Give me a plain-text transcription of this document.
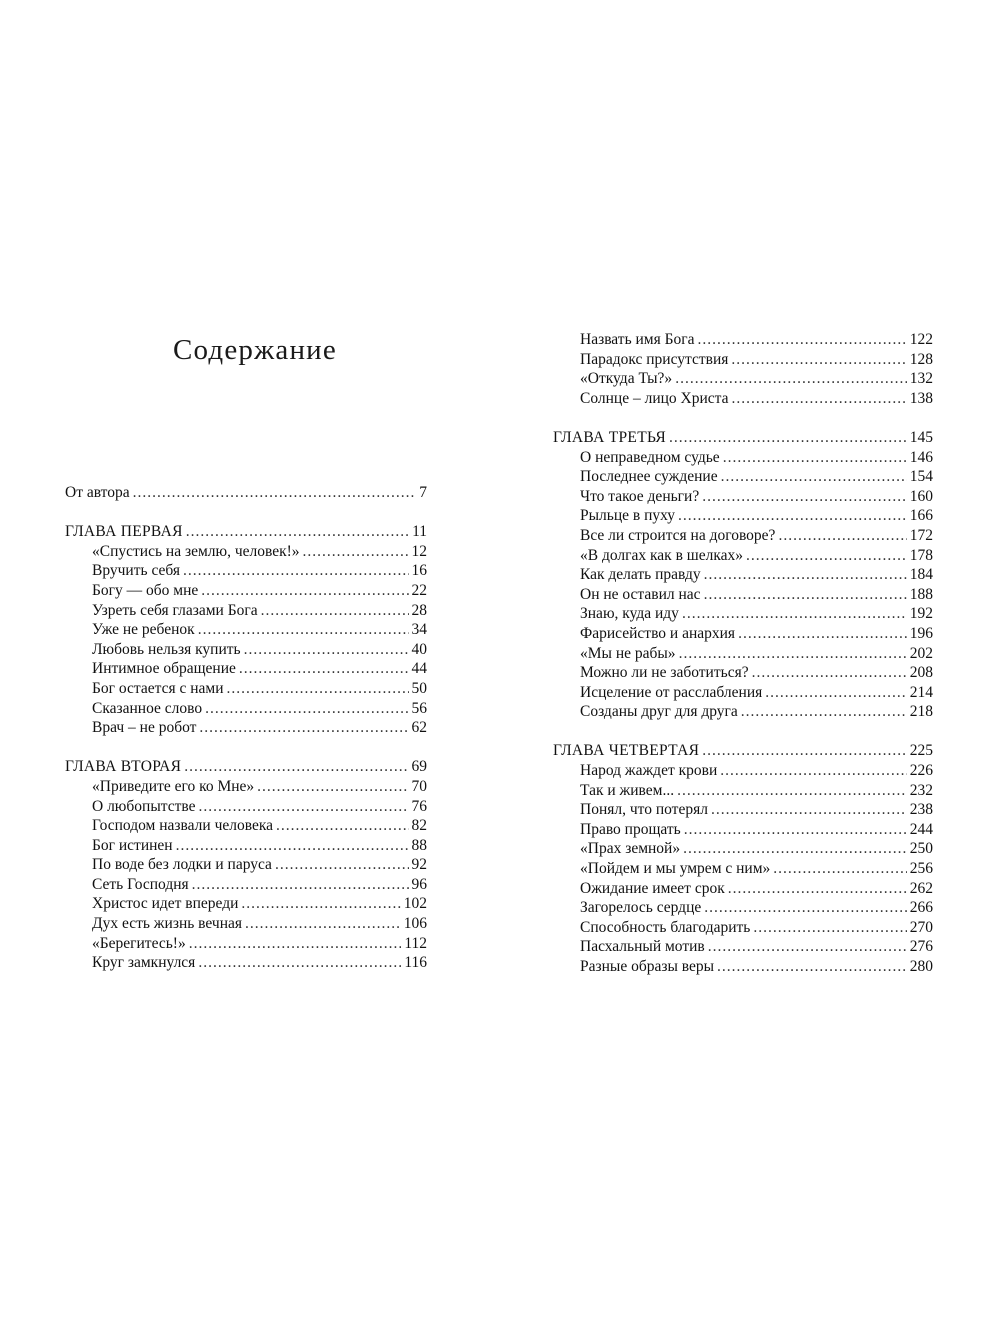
Содержание
От автора .....	7
ГЛАВА ПЕРВАЯ .....	11
«Спустись на землю, человек!» .....	12
Вручить себя .....	16
Богу — обо мне .....	22
Узреть себя глазами Бога .....	28
Уже не ребенок .....	34
Любовь нельзя купить .....	40
Интимное обращение .....	44
Бог остается с нами .....	50
Сказанное слово .....	56
Врач – не робот .....	62
ГЛАВА ВТОРАЯ .....	69
«Приведите его ко Мне» .....	70
О любопытстве .....	76
Господом назвали человека .....	82
Бог истинен .....	88
По воде без лодки и паруса .....	92
Сеть Господня .....	96
Христос идет впереди .....	102
Дух есть жизнь вечная .....	106
«Берегитесь!» .....	112
Круг замкнулся .....	116
Назвать имя Бога .....	122
Парадокс присутствия .....	128
«Откуда Ты?» .....	132
Солнце – лицо Христа .....	138
ГЛАВА ТРЕТЬЯ .....	145
О неправедном судье .....	146
Последнее суждение .....	154
Что такое деньги? .....	160
Рыльце в пуху .....	166
Все ли строится на договоре? .....	172
«В долгах как в шелках» .....	178
Как делать правду .....	184
Он не оставил нас .....	188
Знаю, куда иду .....	192
Фарисейство и анархия .....	196
«Мы не рабы» .....	202
Можно ли не заботиться? .....	208
Исцеление от расслабления .....	214
Созданы друг для друга .....	218
ГЛАВА ЧЕТВЕРТАЯ .....	225
Народ жаждет крови .....	226
Так и живем... .....	232
Понял, что потерял .....	238
Право прощать .....	244
«Прах земной» .....	250
«Пойдем и мы умрем с ним» .....	256
Ожидание имеет срок .....	262
Загорелось сердце .....	266
Способность благодарить .....	270
Пасхальный мотив .....	276
Разные образы веры .....	280
